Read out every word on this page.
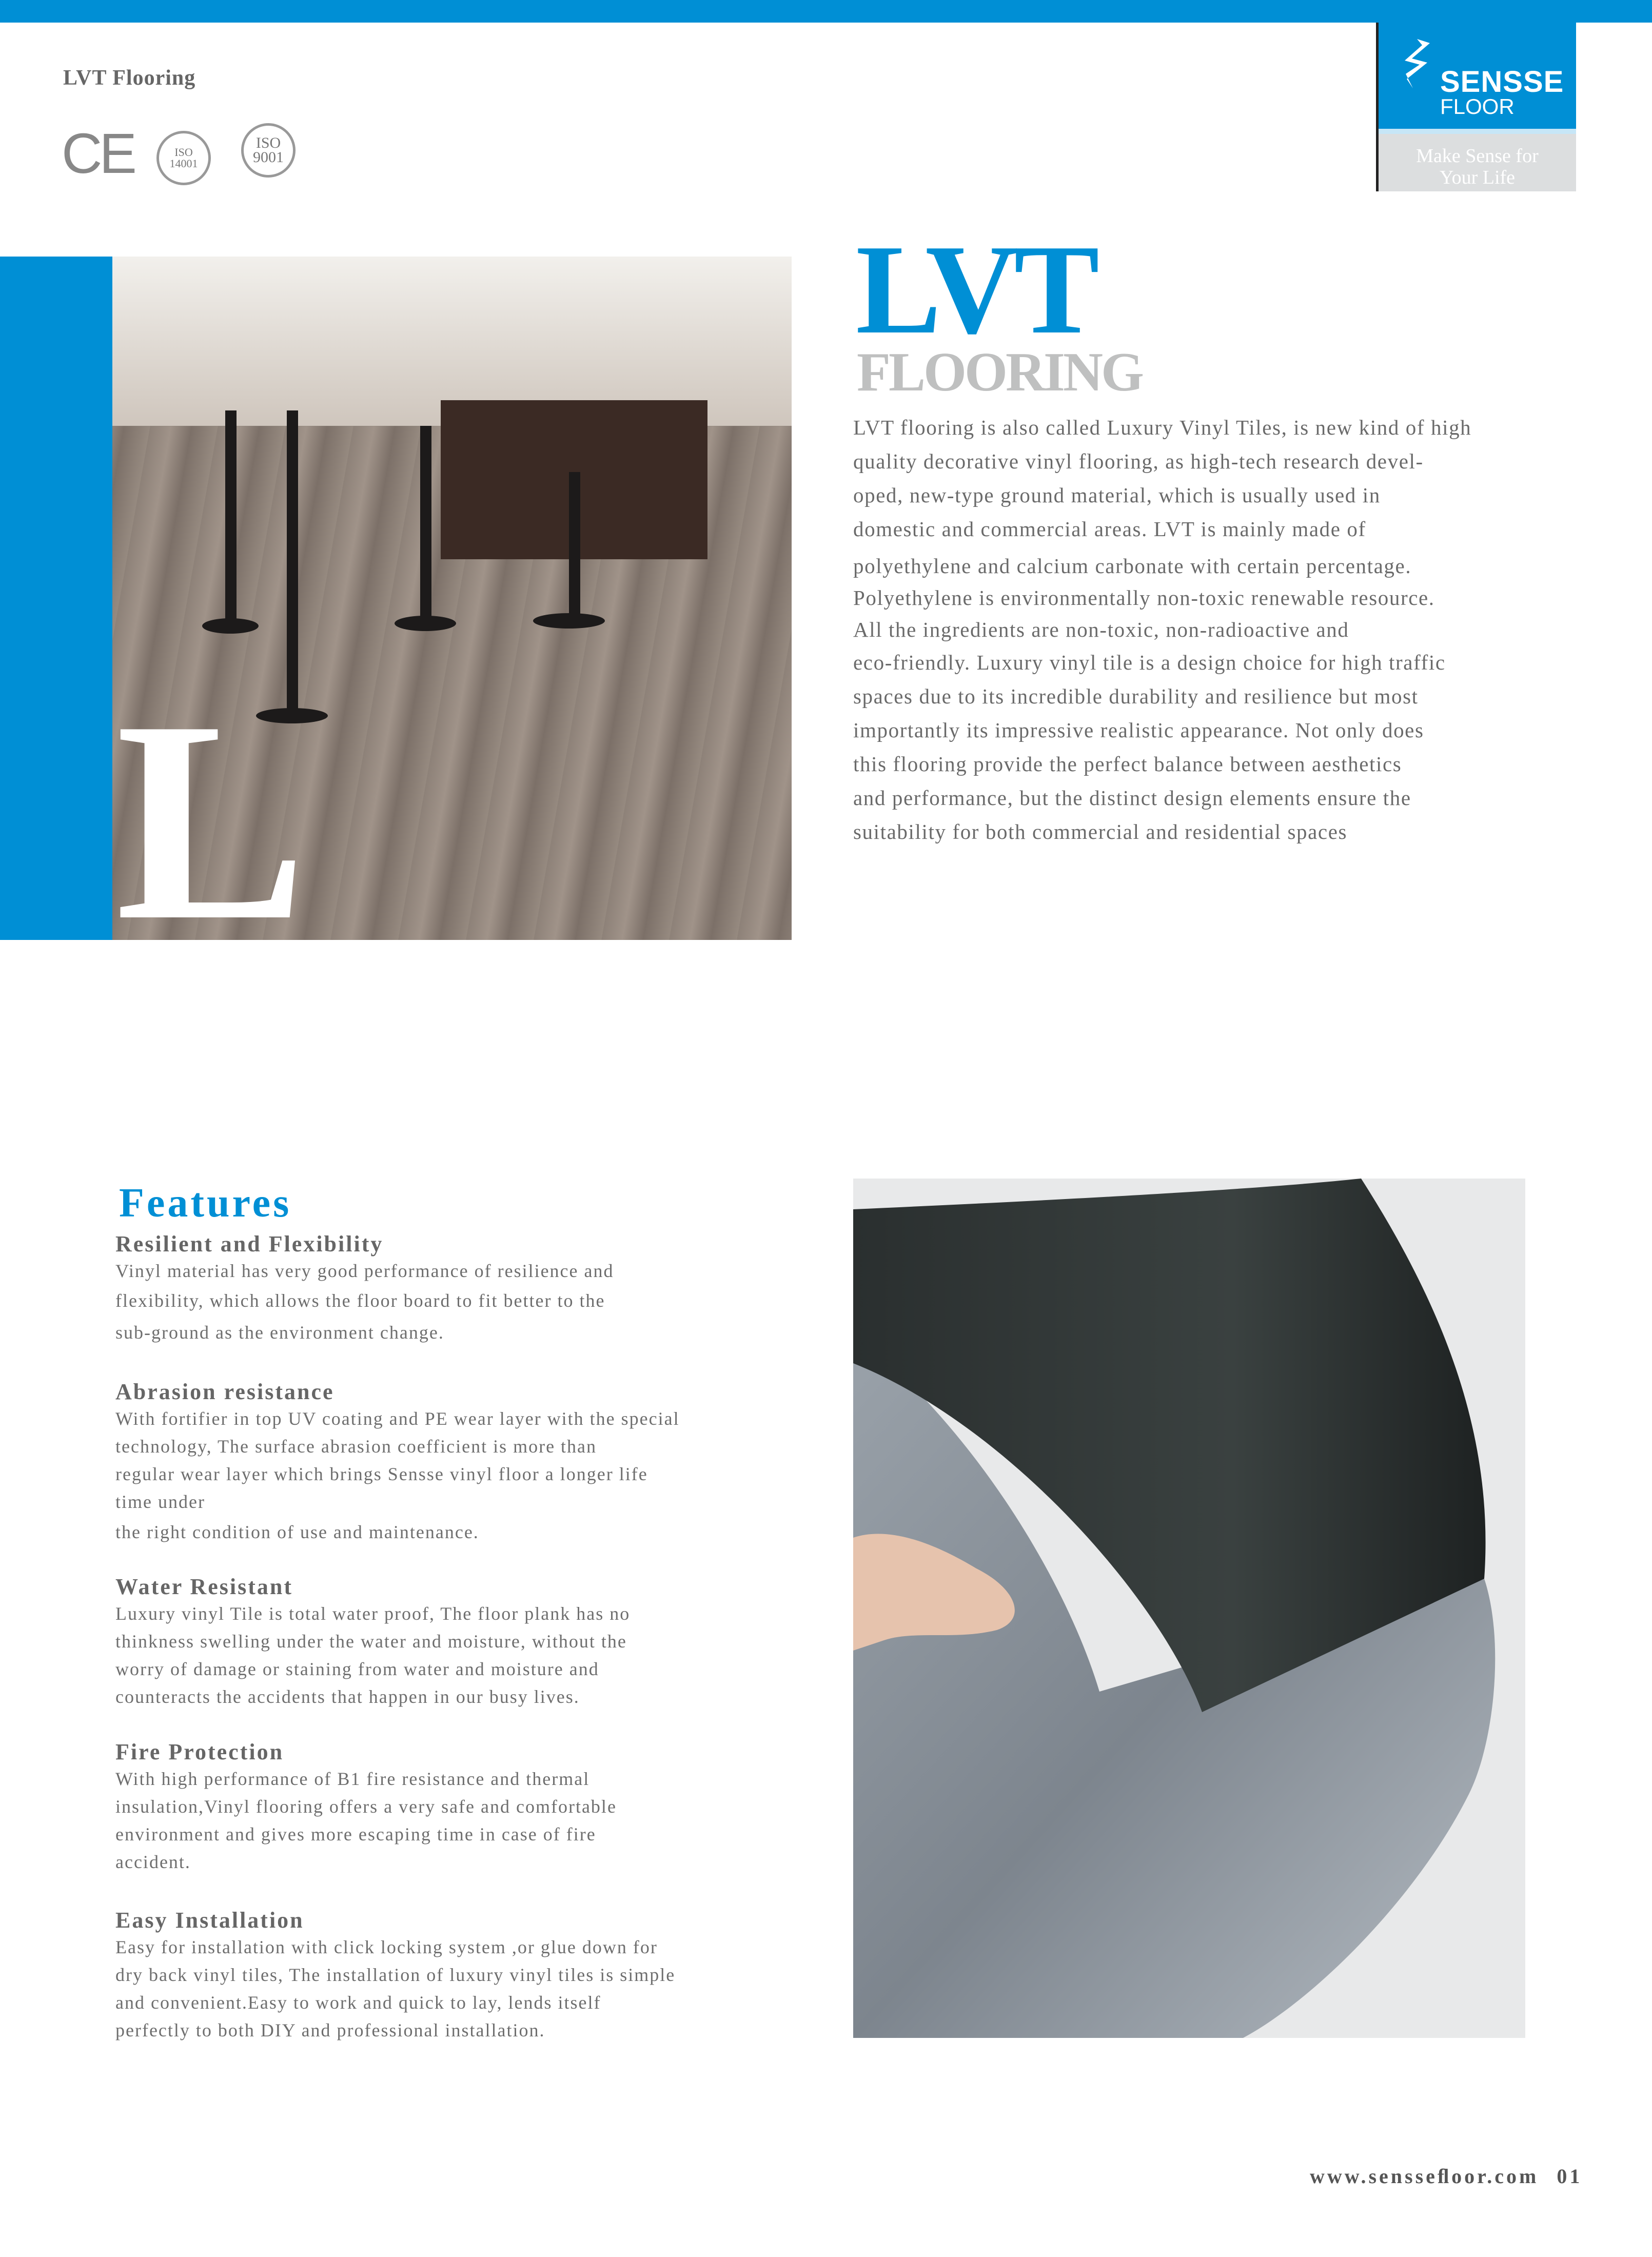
LVT Flooring
CE	ISO
14001
ISO
9001
SENSSE
FLOOR
Make Sense for
Your Life
L
LVT
FLOORING
LVT flooring is also called Luxury Vinyl Tiles, is new kind of high
quality decorative vinyl flooring, as high-tech research devel-
oped, new-type ground material, which is usually used in
domestic and commercial areas. LVT is mainly made of
polyethylene and calcium carbonate with certain percentage.
Polyethylene is environmentally non-toxic renewable resource.
All the ingredients are non-toxic, non-radioactive and
eco-friendly. Luxury vinyl tile is a design choice for high traffic
spaces due to its incredible durability and resilience but most
importantly its impressive realistic appearance. Not only does
this flooring provide the perfect balance between aesthetics
and performance, but the distinct design elements ensure the
suitability for both commercial and residential spaces
Features
Resilient and Flexibility
Vinyl material has very good performance of resilience and
flexibility, which allows the floor board to fit better to the
sub-ground as the environment change.
Abrasion resistance
With fortifier in top UV coating and PE wear layer with the special
technology, The surface abrasion coefficient is more than
regular wear layer which brings Sensse vinyl floor a longer life
time under
the right condition of use and maintenance.
Water Resistant
Luxury vinyl Tile is total water proof, The floor plank has no
thinkness swelling under the water and moisture, without the
worry of damage or staining from water and moisture and
counteracts the accidents that happen in our busy lives.
Fire Protection
With high performance of B1 fire resistance and thermal
insulation,Vinyl flooring offers a very safe and comfortable
environment and gives more escaping time in case of fire
accident.
Easy Installation
Easy for installation with click locking system ,or glue down for
dry back vinyl tiles, The installation of luxury vinyl tiles is simple
and convenient.Easy to work and quick to lay, lends itself
perfectly to both DIY and professional installation.
www.sensseﬂoor.com 01
